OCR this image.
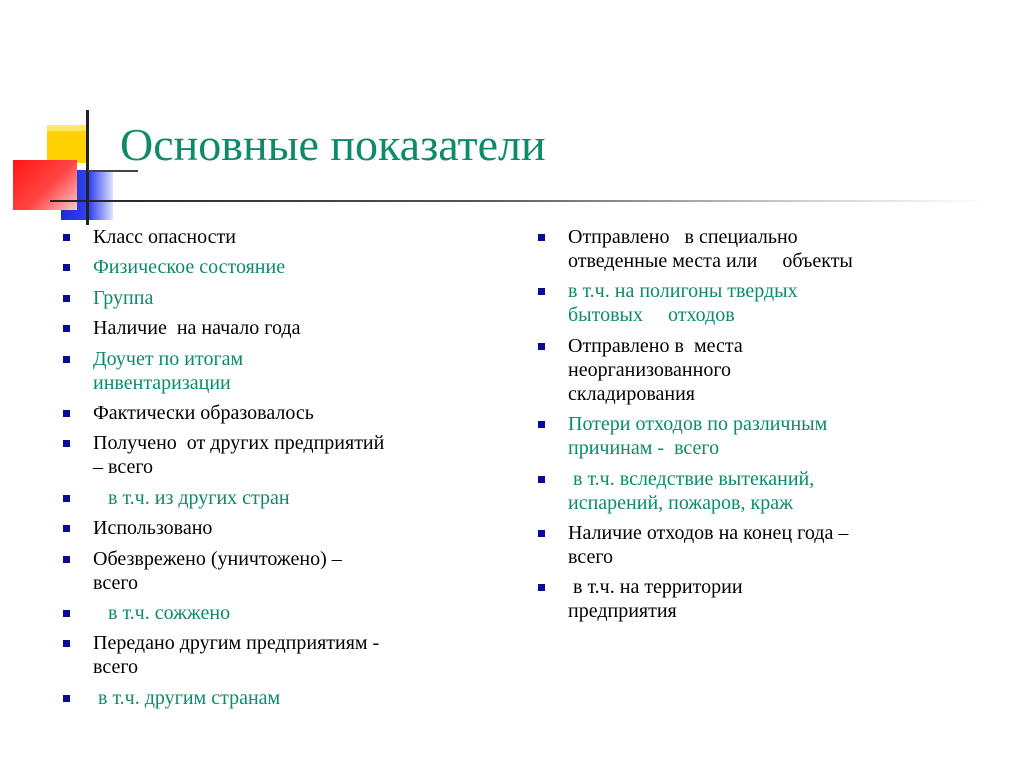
Основные показатели
Класс опасности
Физическое состояние
Группа
Наличие  на начало года
Доучет по итогам
инвентаризации
Фактически образовалось
Получено  от других предприятий
– всего
в т.ч. из других стран
Использовано
Обезврежено (уничтожено) –
всего
в т.ч. сожжено
Передано другим предприятиям -
всего
в т.ч. другим странам
Отправлено   в специально
отведенные места или     объекты
в т.ч. на полигоны твердых
бытовых     отходов
Отправлено в  места
неорганизованного
складирования
Потери отходов по различным
причинам -  всего
в т.ч. вследствие вытеканий,
испарений, пожаров, краж
Наличие отходов на конец года –
всего
в т.ч. на территории
предприятия
